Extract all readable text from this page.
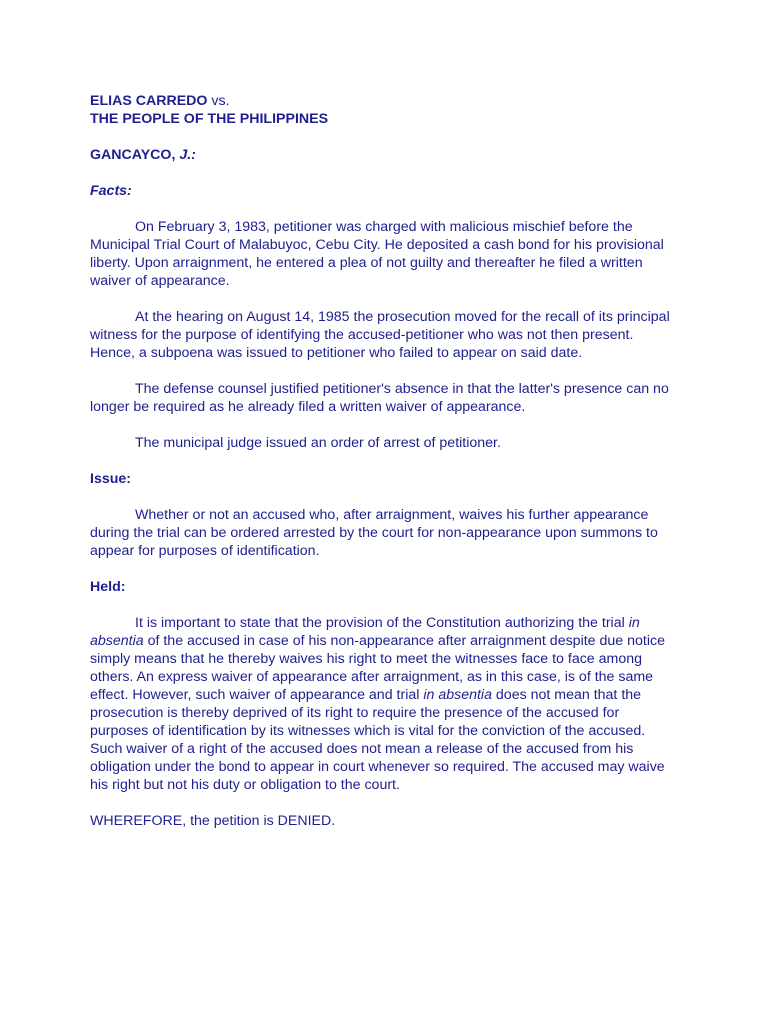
ELIAS CARREDO vs.
THE PEOPLE OF THE PHILIPPINES
GANCAYCO, J.:
Facts:

On February 3, 1983, petitioner was charged with malicious mischief before the Municipal Trial Court of Malabuyoc, Cebu City. He deposited a cash bond for his provisional liberty. Upon arraignment, he entered a plea of not guilty and thereafter he filed a written waiver of appearance.

At the hearing on August 14, 1985 the prosecution moved for the recall of its principal witness for the purpose of identifying the accused-petitioner who was not then present. Hence, a subpoena was issued to petitioner who failed to appear on said date.

The defense counsel justified petitioner's absence in that the latter's presence can no longer be required as he already filed a written waiver of appearance.

The municipal judge issued an order of arrest of petitioner.

Issue:

Whether or not an accused who, after arraignment, waives his further appearance during the trial can be ordered arrested by the court for non-appearance upon summons to appear for purposes of identification.

Held:

It is important to state that the provision of the Constitution authorizing the trial in absentia of the accused in case of his non-appearance after arraignment despite due notice simply means that he thereby waives his right to meet the witnesses face to face among others. An express waiver of appearance after arraignment, as in this case, is of the same effect. However, such waiver of appearance and trial in absentia does not mean that the prosecution is thereby deprived of its right to require the presence of the accused for purposes of identification by its witnesses which is vital for the conviction of the accused. Such waiver of a right of the accused does not mean a release of the accused from his obligation under the bond to appear in court whenever so required. The accused may waive his right but not his duty or obligation to the court.

WHEREFORE, the petition is DENIED.
